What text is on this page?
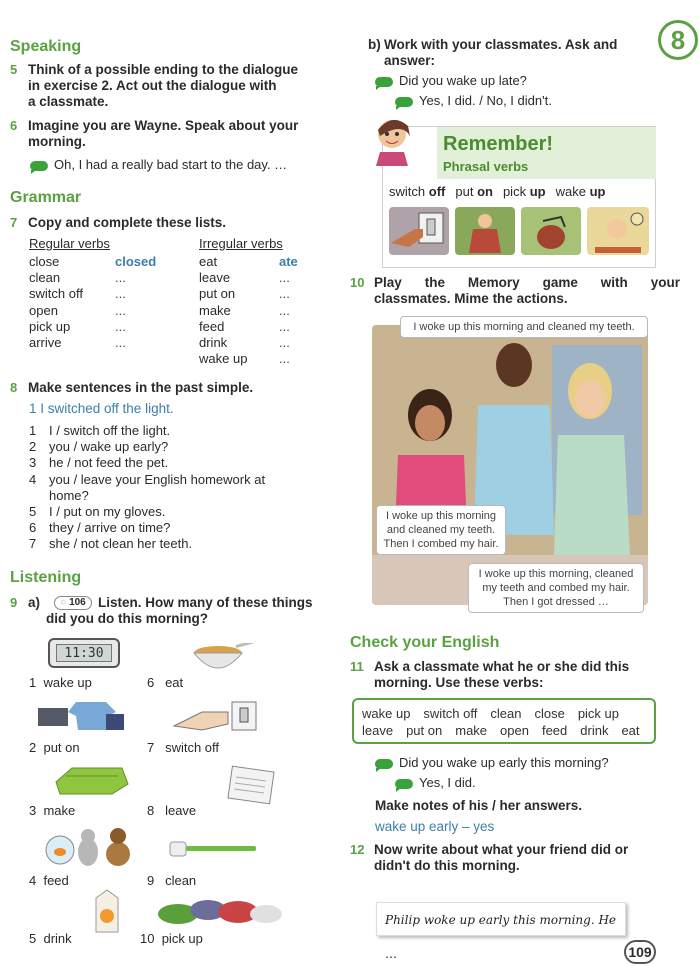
Speaking
5 Think of a possible ending to the dialogue
in exercise 2. Act out the dialogue with
a classmate.
6 Imagine you are Wayne. Speak about your
morning.
Oh, I had a really bad start to the day. …
Grammar
7 Copy and complete these lists.
Regular verbs	Irregular verbs
close	closed
clean	...
switch off ...
open	...
pick up	...
arrive	...
eat	ate
leave	...
put on	...
make	...
feed	...
drink	...
wake up ...
8 Make sentences in the past simple.
1 I switched off the light.
1 I / switch off the light.
2 you / wake up early?
3 he / not feed the pet.
4 you / leave your English homework at
home?
5 I / put on my gloves.
6 they / arrive on time?
7 she / not clean her teeth.
Listening
9 a)	○ 106 Listen. How many of these things
did you do this morning?
11:30
1 wake up	6 eat
2 put on	7 switch off
3 make	8 leave
4 feed	9 clean
5 drink	10 pick up
8
b) Work with your classmates. Ask and
answer:
Did you wake up late?
Yes, I did. / No, I didn't.
Remember!
Phrasal verbs
switch off put on pick up wake up
10 Play the Memory game with your
classmates. Mime the actions.
I woke up this morning and cleaned my teeth.
I woke up this morning
and cleaned my teeth.
Then I combed my hair.
I woke up this morning, cleaned
my teeth and combed my hair.
Then I got dressed …
Check your English
11 Ask a classmate what he or she did this
morning. Use these verbs:
wake up switch off clean close pick up
leave put on make open feed drink eat
Did you wake up early this morning?
Yes, I did.
Make notes of his / her answers.
wake up early – yes
12 Now write about what your friend did or
didn't do this morning.
Philip woke up early this morning. He …	109
